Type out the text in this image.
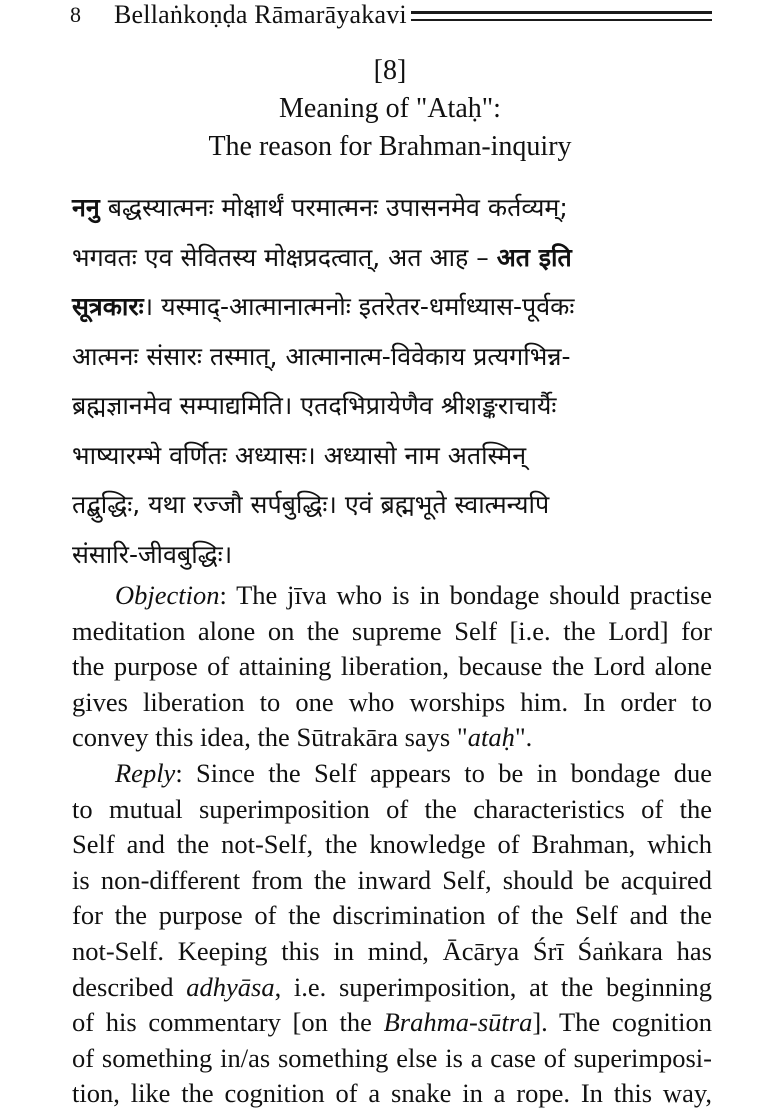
8	Bellaṅkoṇḍa Rāmarāyakavi
[8]
Meaning of "Ataḥ":
The reason for Brahman-inquiry
ननु बद्धस्यात्मनः मोक्षार्थं परमात्मनः उपासनमेव कर्तव्यम्;
भगवतः एव सेवितस्य मोक्षप्रदत्वात्, अत आह – अत इति
सूत्रकारः। यस्माद्-आत्मानात्मनोः इतरेतर-धर्माध्यास-पूर्वकः
आत्मनः संसारः तस्मात्, आत्मानात्म-विवेकाय प्रत्यगभिन्न-
ब्रह्मज्ञानमेव सम्पाद्यमिति। एतदभिप्रायेणैव श्रीशङ्कराचार्यैः
भाष्यारम्भे वर्णितः अध्यासः। अध्यासो नाम अतस्मिन्
तद्बुद्धिः, यथा रज्जौ सर्पबुद्धिः। एवं ब्रह्मभूते स्वात्मन्यपि
संसारि-जीवबुद्धिः।
Objection: The jīva who is in bondage should practise
meditation alone on the supreme Self [i.e. the Lord] for
the purpose of attaining liberation, because the Lord alone
gives liberation to one who worships him. In order to
convey this idea, the Sūtrakāra says "ataḥ".
Reply: Since the Self appears to be in bondage due
to mutual superimposition of the characteristics of the
Self and the not-Self, the knowledge of Brahman, which
is non-different from the inward Self, should be acquired
for the purpose of the discrimination of the Self and the
not-Self. Keeping this in mind, Ācārya Śrī Śaṅkara has
described adhyāsa, i.e. superimposition, at the beginning
of his commentary [on the Brahma-sūtra]. The cognition
of something in/as something else is a case of superimposi-
tion, like the cognition of a snake in a rope. In this way,
